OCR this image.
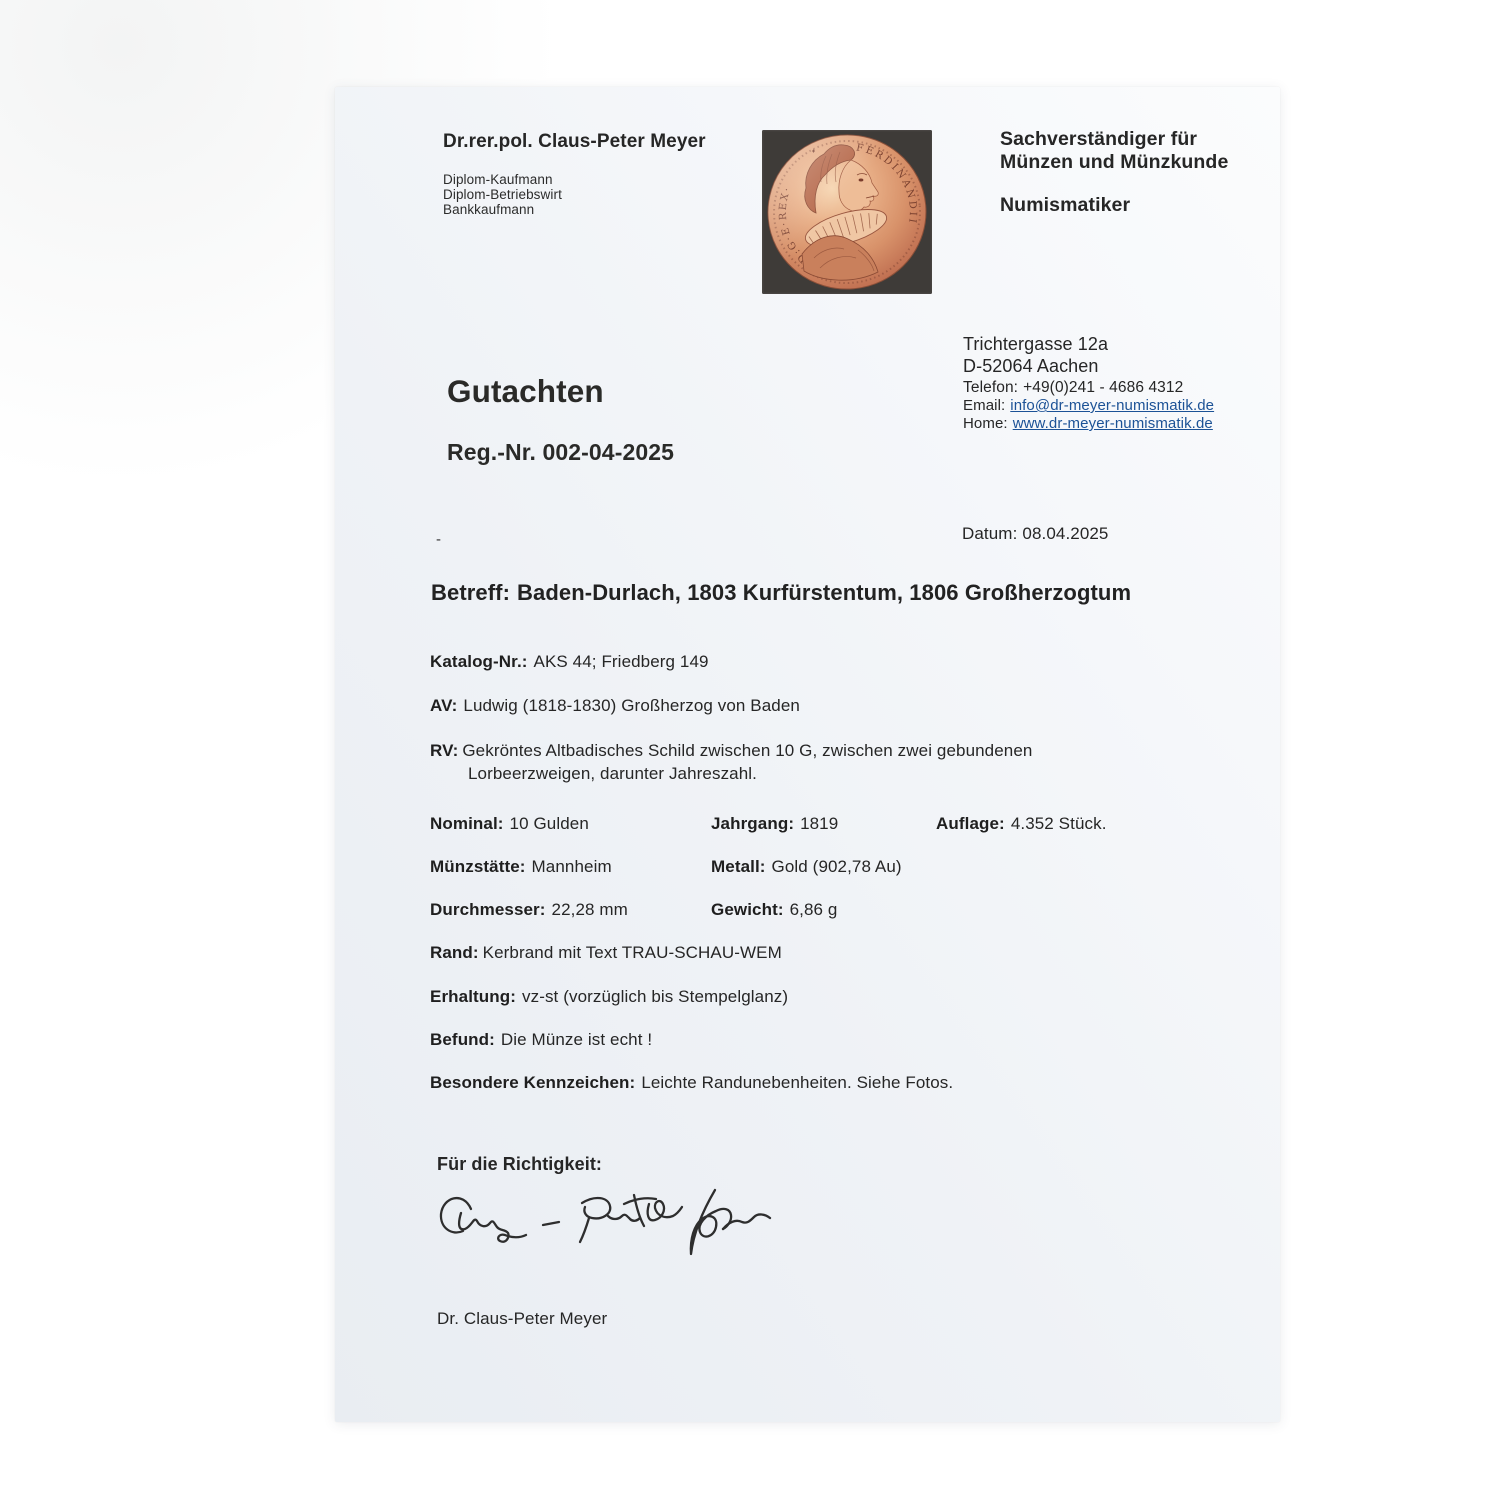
Dr.rer.pol. Claus-Peter Meyer
Diplom-Kaufmann
Diplom-Betriebswirt
Bankkaufmann
Sachverständiger für
Münzen und Münzkunde
Numismatiker
Trichtergasse 12a
D-52064 Aachen
Telefon: +49(0)241 - 4686 4312
Email: info@dr-meyer-numismatik.de
Home: www.dr-meyer-numismatik.de
Gutachten
Reg.-Nr. 002-04-2025
-	Datum: 08.04.2025
Betreff: Baden-Durlach, 1803 Kurfürstentum, 1806 Großherzogtum
Katalog-Nr.: AKS 44; Friedberg 149
AV: Ludwig (1818-1830) Großherzog von Baden
RV: Gekröntes Altbadisches Schild zwischen 10 G, zwischen zwei gebundenen
Lorbeerzweigen, darunter Jahreszahl.
Nominal: 10 Gulden	Jahrgang: 1819	Auflage: 4.352 Stück.
Münzstätte: Mannheim	Metall: Gold (902,78 Au)
Durchmesser: 22,28 mm	Gewicht: 6,86 g
Rand: Kerbrand mit Text TRAU-SCHAU-WEM
Erhaltung: vz-st (vorzüglich bis Stempelglanz)
Befund: Die Münze ist echt !
Besondere Kennzeichen: Leichte Randunebenheiten. Siehe Fotos.
Für die Richtigkeit:
Dr. Claus-Peter Meyer
